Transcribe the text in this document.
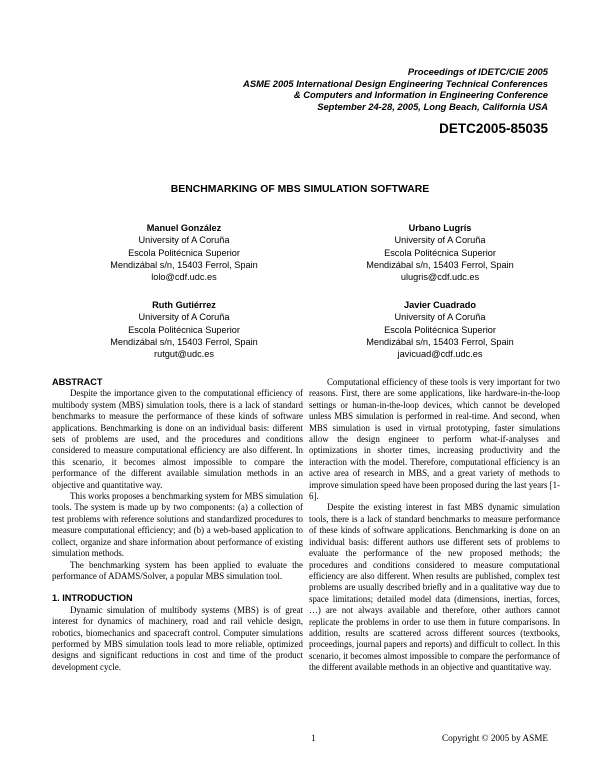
Proceedings of IDETC/CIE 2005
ASME 2005 International Design Engineering Technical Conferences
& Computers and Information in Engineering Conference
September 24-28, 2005, Long Beach, California USA
DETC2005-85035
BENCHMARKING OF MBS SIMULATION SOFTWARE
Manuel González
University of A Coruña
Escola Politécnica Superior
Mendizábal s/n, 15403 Ferrol, Spain
lolo@cdf.udc.es
Urbano Lugrís
University of A Coruña
Escola Politécnica Superior
Mendizábal s/n, 15403 Ferrol, Spain
ulugris@cdf.udc.es
Ruth Gutiérrez
University of A Coruña
Escola Politécnica Superior
Mendizábal s/n, 15403 Ferrol, Spain
rutgut@udc.es
Javier Cuadrado
University of A Coruña
Escola Politécnica Superior
Mendizábal s/n, 15403 Ferrol, Spain
javicuad@cdf.udc.es
ABSTRACT

Despite the importance given to the computational efficiency of multibody system (MBS) simulation tools, there is a lack of standard benchmarks to measure the performance of these kinds of software applications. Benchmarking is done on an individual basis: different sets of problems are used, and the procedures and conditions considered to measure computational efficiency are also different. In this scenario, it becomes almost impossible to compare the performance of the different available simulation methods in an objective and quantitative way.

This works proposes a benchmarking system for MBS simulation tools. The system is made up by two components: (a) a collection of test problems with reference solutions and standardized procedures to measure computational efficiency; and (b) a web-based application to collect, organize and share information about performance of existing simulation methods.

The benchmarking system has been applied to evaluate the performance of ADAMS/Solver, a popular MBS simulation tool.

1. INTRODUCTION

Dynamic simulation of multibody systems (MBS) is of great interest for dynamics of machinery, road and rail vehicle design, robotics, biomechanics and spacecraft control. Computer simulations performed by MBS simulation tools lead to more reliable, optimized designs and significant reductions in cost and time of the product development cycle.

Computational efficiency of these tools is very important for two reasons. First, there are some applications, like hardware-in-the-loop settings or human-in-the-loop devices, which cannot be developed unless MBS simulation is performed in real-time. And second, when MBS simulation is used in virtual prototyping, faster simulations allow the design engineer to perform what-if-analyses and optimizations in shorter times, increasing productivity and the interaction with the model. Therefore, computational efficiency is an active area of research in MBS, and a great variety of methods to improve simulation speed have been proposed during the last years [1-6].

Despite the existing interest in fast MBS dynamic simulation tools, there is a lack of standard benchmarks to measure performance of these kinds of software applications. Benchmarking is done on an individual basis: different authors use different sets of problems to evaluate the performance of the new proposed methods; the procedures and conditions considered to measure computational efficiency are also different. When results are published, complex test problems are usually described briefly and in a qualitative way due to space limitations; detailed model data (dimensions, inertias, forces, …) are not always available and therefore, other authors cannot replicate the problems in order to use them in future comparisons. In addition, results are scattered across different sources (textbooks, proceedings, journal papers and reports) and difficult to collect. In this scenario, it becomes almost impossible to compare the performance of the different available methods in an objective and quantitative way.

1	Copyright © 2005 by ASME
